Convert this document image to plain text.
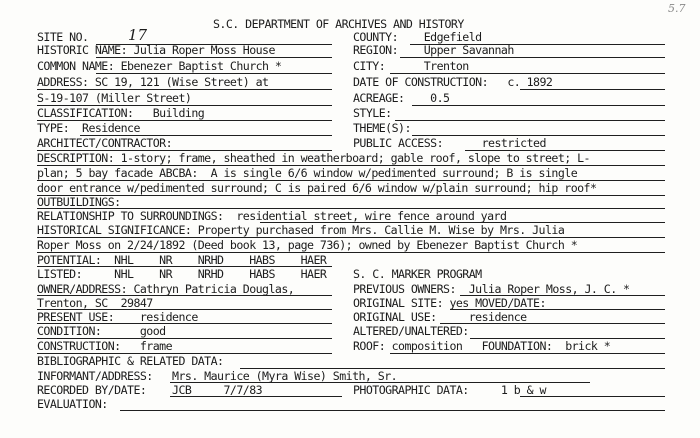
5.7
S.C. DEPARTMENT OF ARCHIVES AND HISTORY
SITE NO.	17
HISTORIC NAME: Julia Roper Moss House
COMMON NAME: Ebenezer Baptist Church *
ADDRESS: SC 19, 121 (Wise Street) at
S-19-107 (Miller Street)
CLASSIFICATION:   Building
TYPE:  Residence
ARCHITECT/CONTRACTOR:
DESCRIPTION: 1-story; frame, sheathed in weatherboard; gable roof, slope to street; L-
plan; 5 bay facade ABCBA:  A is single 6/6 window w/pedimented surround; B is single
door entrance w/pedimented surround; C is paired 6/6 window w/plain surround; hip roof*
OUTBUILDINGS:
RELATIONSHIP TO SURROUNDINGS:  residential street, wire fence around yard
HISTORICAL SIGNIFICANCE: Property purchased from Mrs. Callie M. Wise by Mrs. Julia
Roper Moss on 2/24/1892 (Deed book 13, page 736); owned by Ebenezer Baptist Church *
POTENTIAL:  NHL    NR    NRHD    HABS    HAER
LISTED:     NHL    NR    NRHD    HABS    HAER
OWNER/ADDRESS: Cathryn Patricia Douglas,
Trenton, SC  29847
PRESENT USE:    residence
CONDITION:      good
CONSTRUCTION:   frame
BIBLIOGRAPHIC & RELATED DATA:
INFORMANT/ADDRESS:   Mrs. Maurice (Myra Wise) Smith, Sr.
RECORDED BY/DATE:    JCB     7/7/83
EVALUATION:
COUNTY:    Edgefield
REGION:    Upper Savannah
CITY:      Trenton
DATE OF CONSTRUCTION:   c. 1892
ACREAGE:    0.5
STYLE:
THEME(S):
PUBLIC ACCESS:      restricted
S. C. MARKER PROGRAM
PREVIOUS OWNERS:  Julia Roper Moss, J. C. *
ORIGINAL SITE: yes MOVED/DATE:
ORIGINAL USE:     residence
ALTERED/UNALTERED:
ROOF: composition   FOUNDATION:  brick *
PHOTOGRAPHIC DATA:     1 b & w
